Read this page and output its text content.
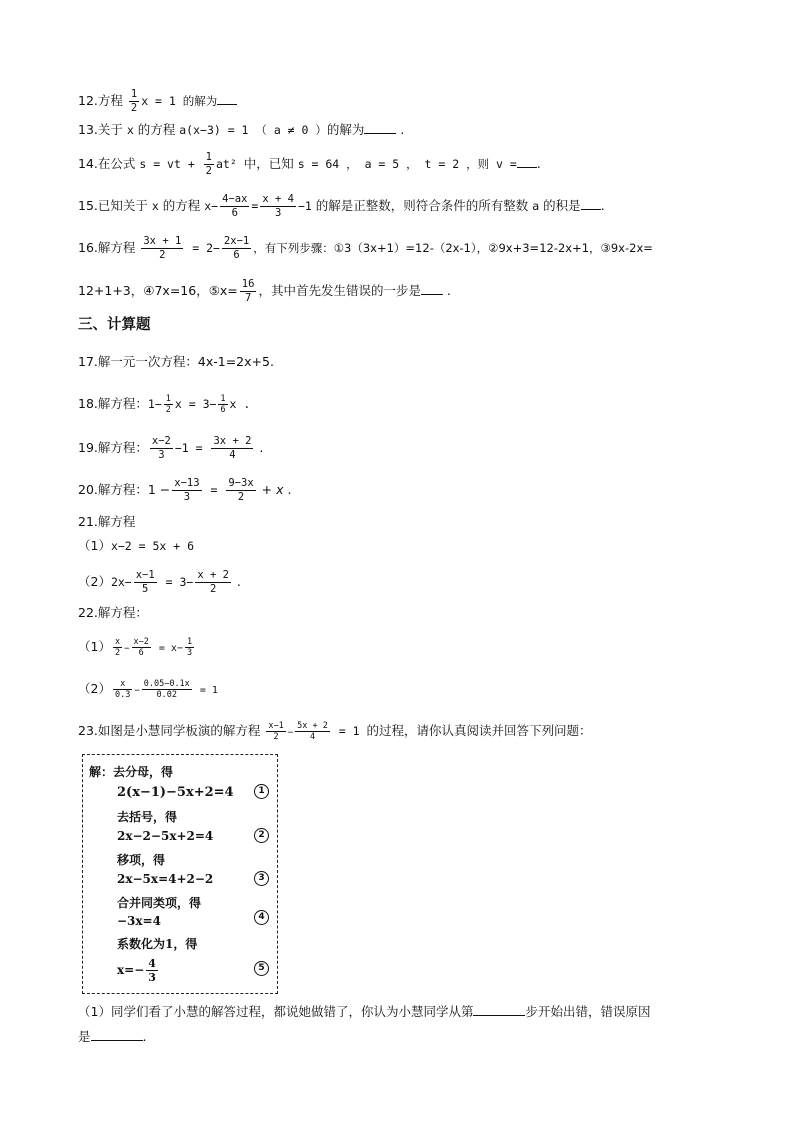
12.方程 $\frac{1}{2}$ x = 1 的解为
13.关于 x 的方程 a(x−3) = 1 （ a ≠ 0 ）的解为	.
14.在公式 s = vt + $\frac{1}{2} at^2$ 中，已知 s = 64 ， a = 5 ， t = 2 ，则 v = .
15.已知关于 x 的方程 $x- \frac{4-ax}{6} = \frac{x + 4}{3} -1$ 的解是正整数，则符合条件的所有整数 a 的积是 .
16.解方程 $\frac{3x + 1}{2} = 2- \frac{2x-1}{6}$ ，有下列步骤：①3（3x+1）=12-（2x-1），②9x+3=12-2x+1，③9x-2x=
12+1+3，④7x=16，⑤x= $\frac{16}{7}$ ，其中首先发生错误的一步是 .
三、计算题
17.解一元一次方程：4x-1=2x+5.
18.解方程：$1- \frac{1}{2}$ $x = 3- \frac{1}{6}$ x .
19.解方程： $\frac{x-2}{3} -1 = \frac{3x + 2}{4}$ .
20.解方程：$1 - \frac{x-13}{3} = \frac{9-3x}{2} + x$ .
21.解方程
（1）x−2 = 5x + 6
$(2)2x- \frac{x-1}{5} = 3- \frac{x + 2}{2}$ .
22.解方程：
$(1) \frac{x}{2} - \frac{x-2}{6} = x- \frac{1}{3}$
$(2) \frac{x}{0.3} - \frac{0.05-0.1x}{0.02} = 1$
23.如图是小慧同学板演的解方程 $\frac{x-1}{2} - \frac{5x + 2}{4} = 1$ 的过程，请你认真阅读并回答下列问题：
解：去分母，得
2(x−1)−5x+2=4	1
去括号，得
2x−2−5x+2=4	2
移项，得
2x−5x=4+2−2	3
合并同类项，得
−3x=4	4
系数化为1，得
$x=- \frac{4}{3}$	5
（1）同学们看了小慧的解答过程，都说她做错了，你认为小慧同学从第	步开始出错，错误原因
是	.
